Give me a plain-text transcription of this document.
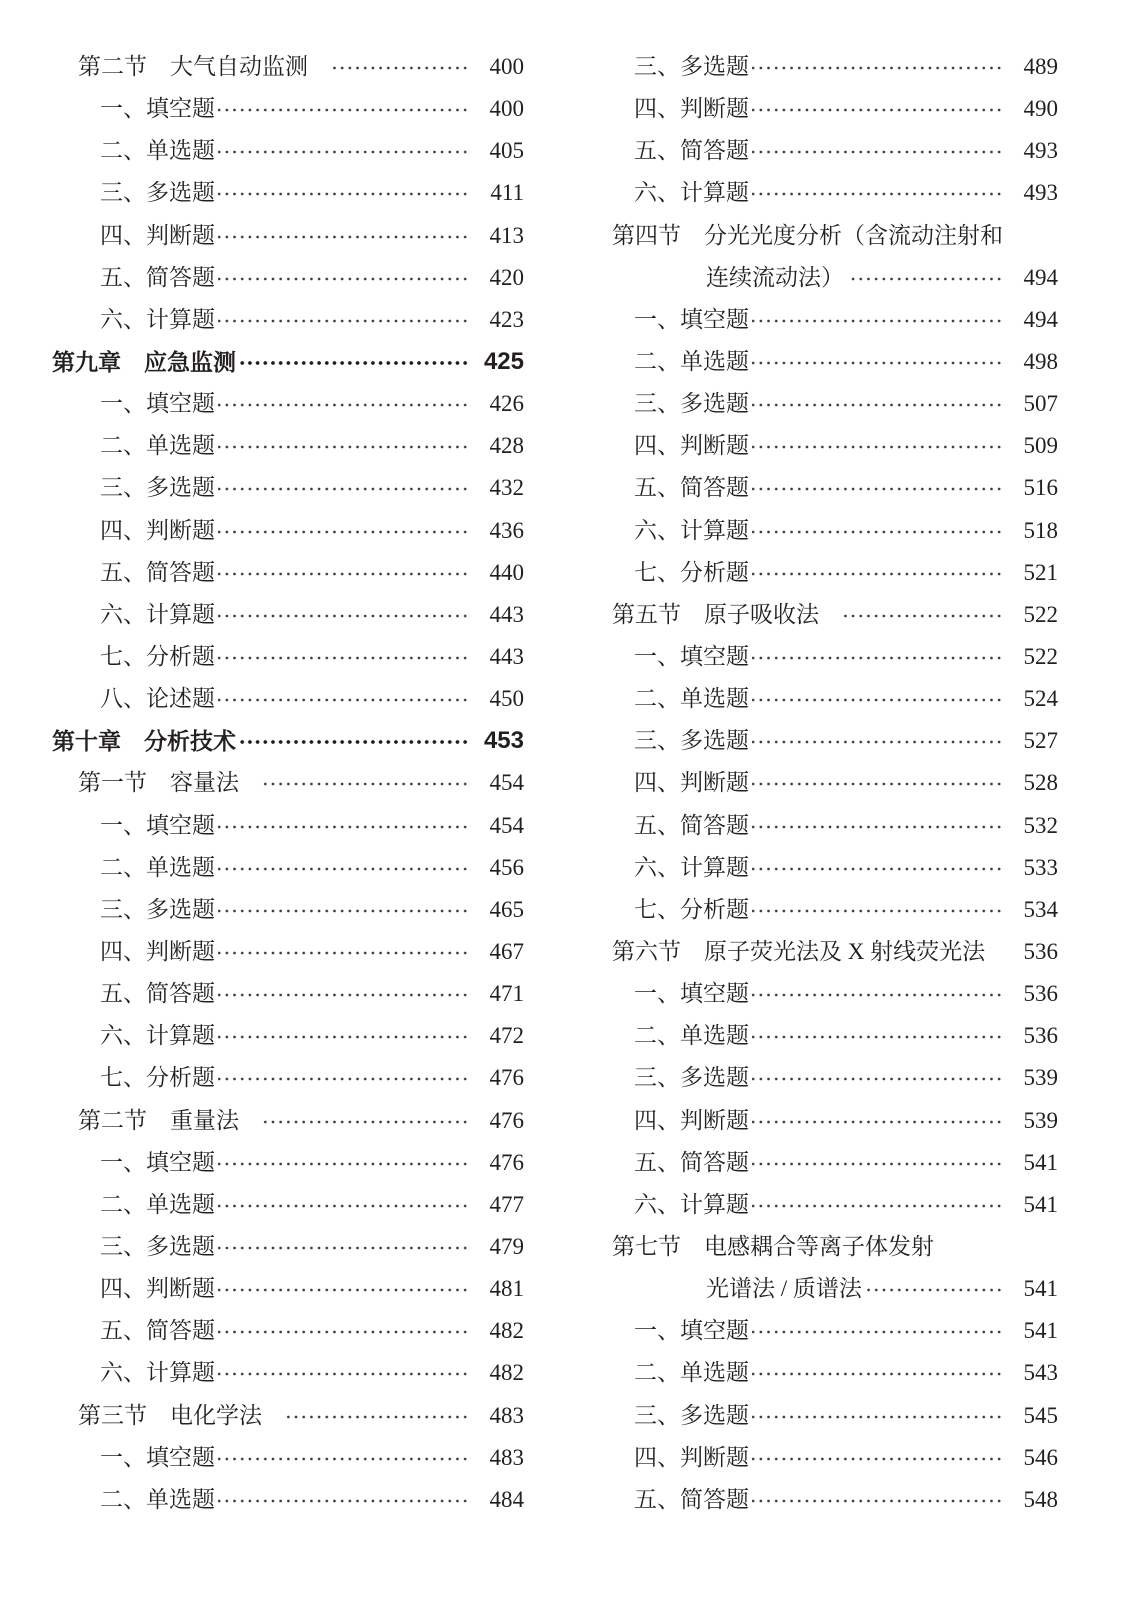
第二节　大气自动监测	400
一、填空题	400
二、单选题	405
三、多选题	411
四、判断题	413
五、简答题	420
六、计算题	423
第九章　应急监测	425
一、填空题	426
二、单选题	428
三、多选题	432
四、判断题	436
五、简答题	440
六、计算题	443
七、分析题	443
八、论述题	450
第十章　分析技术	453
第一节　容量法	454
一、填空题	454
二、单选题	456
三、多选题	465
四、判断题	467
五、简答题	471
六、计算题	472
七、分析题	476
第二节　重量法	476
一、填空题	476
二、单选题	477
三、多选题	479
四、判断题	481
五、简答题	482
六、计算题	482
第三节　电化学法	483
一、填空题	483
二、单选题	484
三、多选题	489
四、判断题	490
五、简答题	493
六、计算题	493
第四节　分光光度分析（含流动注射和
连续流动法）	494
一、填空题	494
二、单选题	498
三、多选题	507
四、判断题	509
五、简答题	516
六、计算题	518
七、分析题	521
第五节　原子吸收法	522
一、填空题	522
二、单选题	524
三、多选题	527
四、判断题	528
五、简答题	532
六、计算题	533
七、分析题	534
第六节　原子荧光法及 X 射线荧光法	536
一、填空题	536
二、单选题	536
三、多选题	539
四、判断题	539
五、简答题	541
六、计算题	541
第七节　电感耦合等离子体发射
光谱法 / 质谱法	541
一、填空题	541
二、单选题	543
三、多选题	545
四、判断题	546
五、简答题	548
